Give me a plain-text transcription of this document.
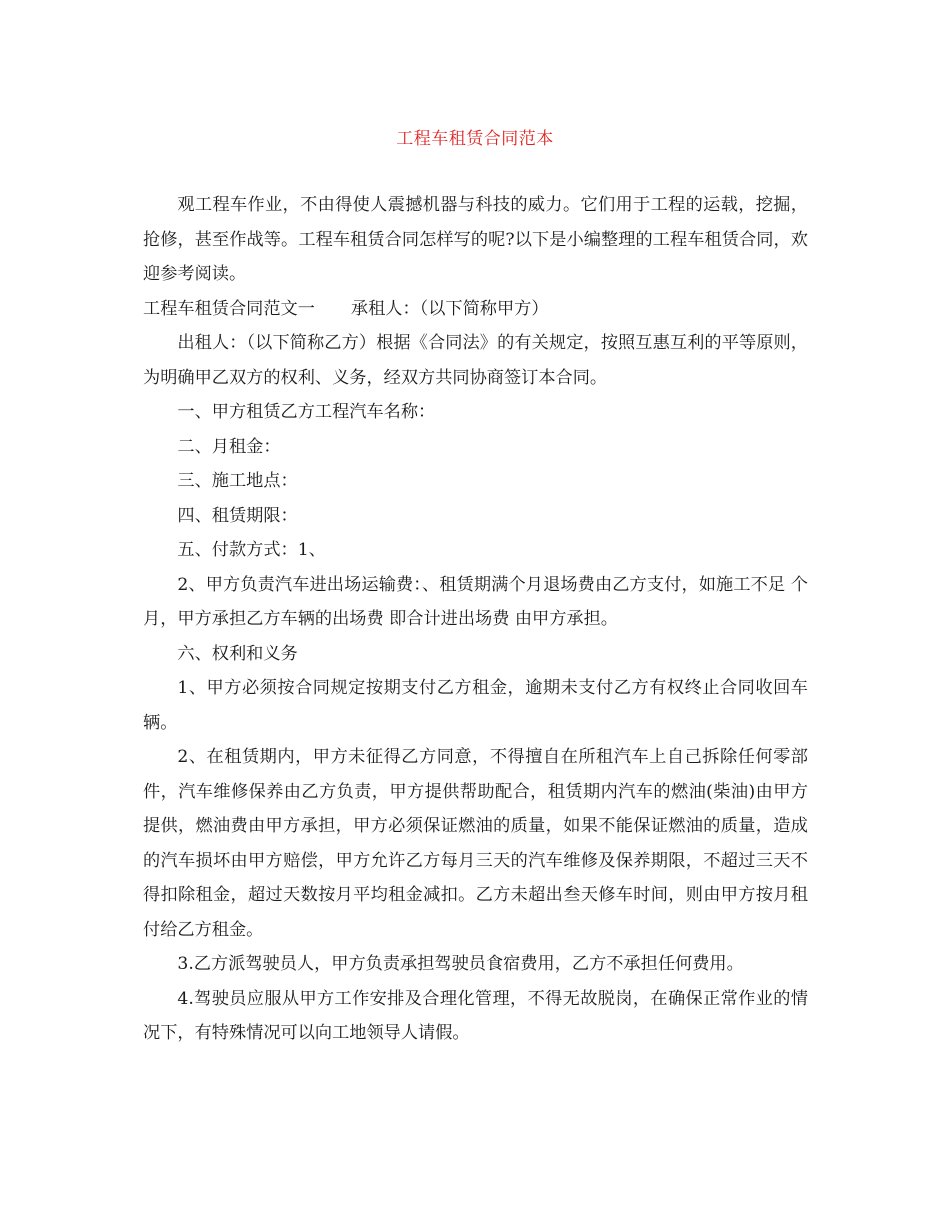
工程车租赁合同范本

观工程车作业，不由得使人震撼机器与科技的威力。它们用于工程的运载，挖掘，抢修，甚至作战等。工程车租赁合同怎样写的呢?以下是小编整理的工程车租赁合同，欢迎参考阅读。

工程车租赁合同范文一 承租人：（以下简称甲方）

出租人：（以下简称乙方）根据《合同法》的有关规定，按照互惠互利的平等原则，为明确甲乙双方的权利、义务，经双方共同协商签订本合同。

一、甲方租赁乙方工程汽车名称：

二、月租金：

三、施工地点：

四、租赁期限：

五、付款方式：1、

2、甲方负责汽车进出场运输费：、租赁期满个月退场费由乙方支付，如施工不足 个月，甲方承担乙方车辆的出场费 即合计进出场费 由甲方承担。

六、权利和义务

1、甲方必须按合同规定按期支付乙方租金，逾期未支付乙方有权终止合同收回车辆。

2、在租赁期内，甲方未征得乙方同意，不得擅自在所租汽车上自己拆除任何零部件，汽车维修保养由乙方负责，甲方提供帮助配合，租赁期内汽车的燃油(柴油)由甲方提供，燃油费由甲方承担，甲方必须保证燃油的质量，如果不能保证燃油的质量，造成的汽车损坏由甲方赔偿，甲方允许乙方每月三天的汽车维修及保养期限，不超过三天不得扣除租金，超过天数按月平均租金减扣。乙方未超出叁天修车时间，则由甲方按月租付给乙方租金。

3.乙方派驾驶员人，甲方负责承担驾驶员食宿费用，乙方不承担任何费用。

4.驾驶员应服从甲方工作安排及合理化管理，不得无故脱岗，在确保正常作业的情况下，有特殊情况可以向工地领导人请假。
